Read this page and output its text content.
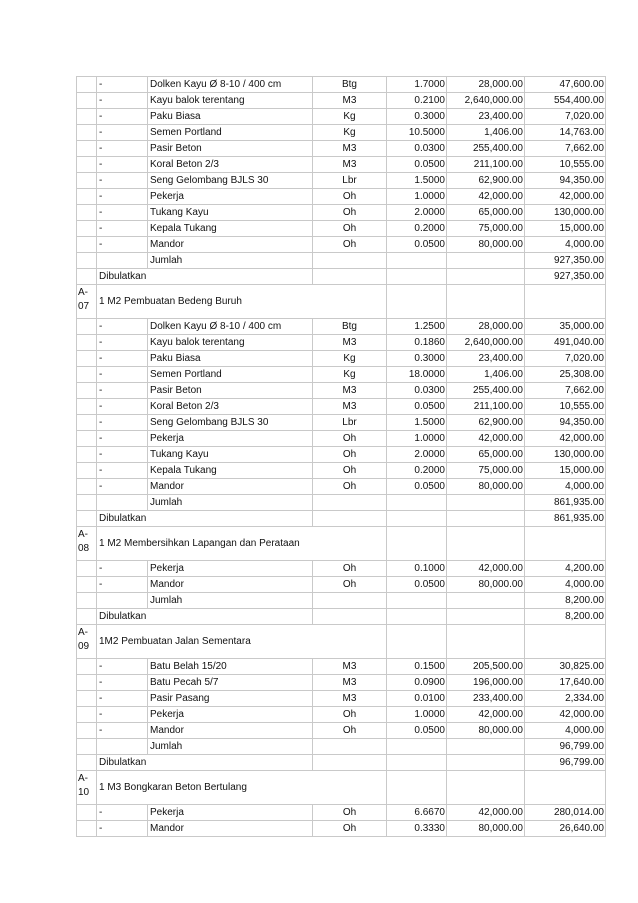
	-	Dolken Kayu Ø 8-10 / 400 cm	Btg	1.7000	28,000.00	47,600.00
	-	Kayu balok terentang	M3	0.2100	2,640,000.00	554,400.00
	-	Paku Biasa	Kg	0.3000	23,400.00	7,020.00
	-	Semen Portland	Kg	10.5000	1,406.00	14,763.00
	-	Pasir Beton	M3	0.0300	255,400.00	7,662.00
	-	Koral Beton 2/3	M3	0.0500	211,100.00	10,555.00
	-	Seng Gelombang BJLS 30	Lbr	1.5000	62,900.00	94,350.00
	-	Pekerja	Oh	1.0000	42,000.00	42,000.00
	-	Tukang Kayu	Oh	2.0000	65,000.00	130,000.00
	-	Kepala Tukang	Oh	0.2000	75,000.00	15,000.00
	-	Mandor	Oh	0.0500	80,000.00	4,000.00
		Jumlah				927,350.00
	Dibulatkan					927,350.00
A-07	1 M2 Pembuatan Bedeng Buruh					
	-	Dolken Kayu Ø 8-10 / 400 cm	Btg	1.2500	28,000.00	35,000.00
	-	Kayu balok terentang	M3	0.1860	2,640,000.00	491,040.00
	-	Paku Biasa	Kg	0.3000	23,400.00	7,020.00
	-	Semen Portland	Kg	18.0000	1,406.00	25,308.00
	-	Pasir Beton	M3	0.0300	255,400.00	7,662.00
	-	Koral Beton 2/3	M3	0.0500	211,100.00	10,555.00
	-	Seng Gelombang BJLS 30	Lbr	1.5000	62,900.00	94,350.00
	-	Pekerja	Oh	1.0000	42,000.00	42,000.00
	-	Tukang Kayu	Oh	2.0000	65,000.00	130,000.00
	-	Kepala Tukang	Oh	0.2000	75,000.00	15,000.00
	-	Mandor	Oh	0.0500	80,000.00	4,000.00
		Jumlah				861,935.00
	Dibulatkan					861,935.00
A-08	1 M2 Membersihkan Lapangan dan Perataan					
	-	Pekerja	Oh	0.1000	42,000.00	4,200.00
	-	Mandor	Oh	0.0500	80,000.00	4,000.00
		Jumlah				8,200.00
	Dibulatkan					8,200.00
A-09	1M2 Pembuatan Jalan Sementara					
	-	Batu Belah 15/20	M3	0.1500	205,500.00	30,825.00
	-	Batu Pecah 5/7	M3	0.0900	196,000.00	17,640.00
	-	Pasir Pasang	M3	0.0100	233,400.00	2,334.00
	-	Pekerja	Oh	1.0000	42,000.00	42,000.00
	-	Mandor	Oh	0.0500	80,000.00	4,000.00
		Jumlah				96,799.00
	Dibulatkan					96,799.00
A-10	1 M3 Bongkaran Beton Bertulang					
	-	Pekerja	Oh	6.6670	42,000.00	280,014.00
	-	Mandor	Oh	0.3330	80,000.00	26,640.00
